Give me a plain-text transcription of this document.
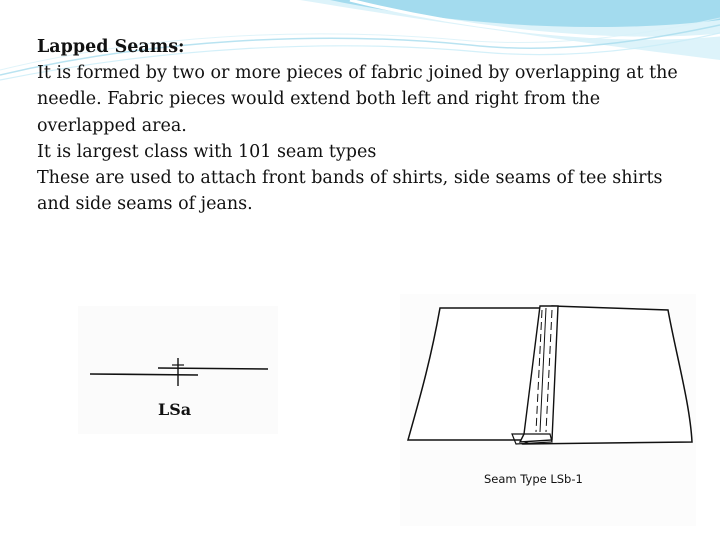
Lapped Seams:

It is formed by two or more pieces of fabric joined by overlapping at the needle. Fabric pieces would extend both left and right from the overlapped area.

It is largest class with 101 seam types

These are used to attach front bands of shirts, side seams of tee shirts and side seams of jeans.

LSa
Seam Type LSb-1
